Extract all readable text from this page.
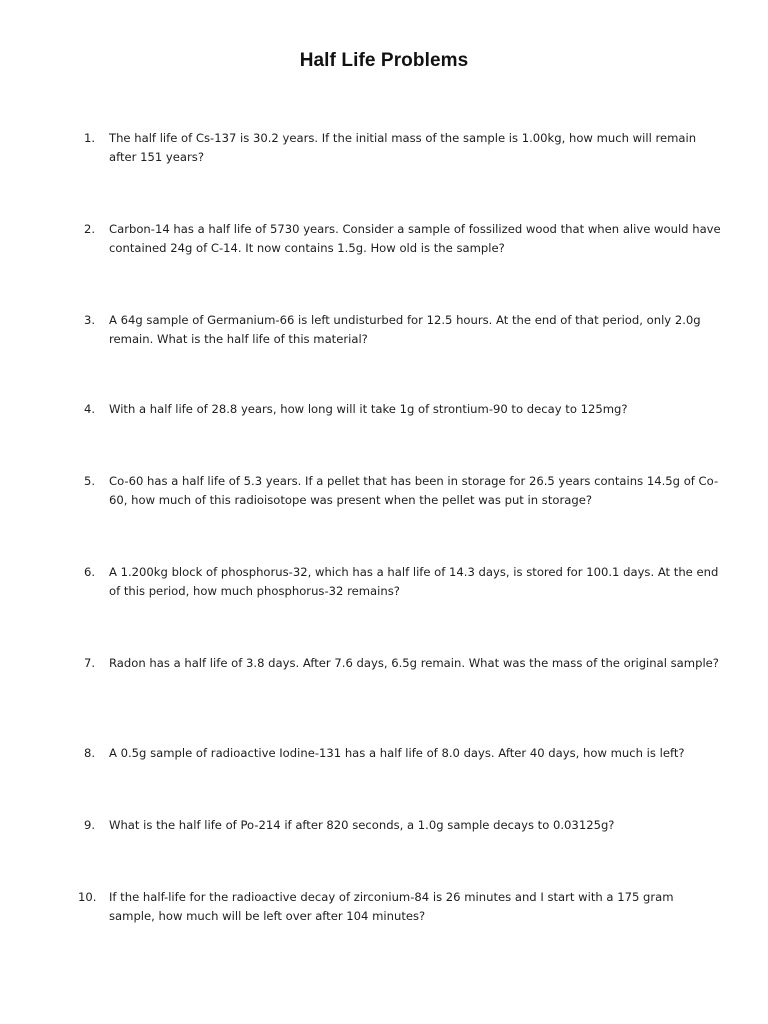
Half Life Problems
1.	The half life of Cs-137 is 30.2 years. If the initial mass of the sample is 1.00kg, how much will remain after 151 years?
2.	Carbon-14 has a half life of 5730 years. Consider a sample of fossilized wood that when alive would have contained 24g of C-14. It now contains 1.5g. How old is the sample?
3.	A 64g sample of Germanium-66 is left undisturbed for 12.5 hours. At the end of that period, only 2.0g remain. What is the half life of this material?
4.	With a half life of 28.8 years, how long will it take 1g of strontium-90 to decay to 125mg?
5.	Co-60 has a half life of 5.3 years. If a pellet that has been in storage for 26.5 years contains 14.5g of Co-60, how much of this radioisotope was present when the pellet was put in storage?
6.	A 1.200kg block of phosphorus-32, which has a half life of 14.3 days, is stored for 100.1 days. At the end of this period, how much phosphorus-32 remains?
7.	Radon has a half life of 3.8 days. After 7.6 days, 6.5g remain. What was the mass of the original sample?
8.	A 0.5g sample of radioactive Iodine-131 has a half life of 8.0 days. After 40 days, how much is left?
9.	What is the half life of Po-214 if after 820 seconds, a 1.0g sample decays to 0.03125g?
10.	If the half-life for the radioactive decay of zirconium-84 is 26 minutes and I start with a 175 gram sample, how much will be left over after 104 minutes?
